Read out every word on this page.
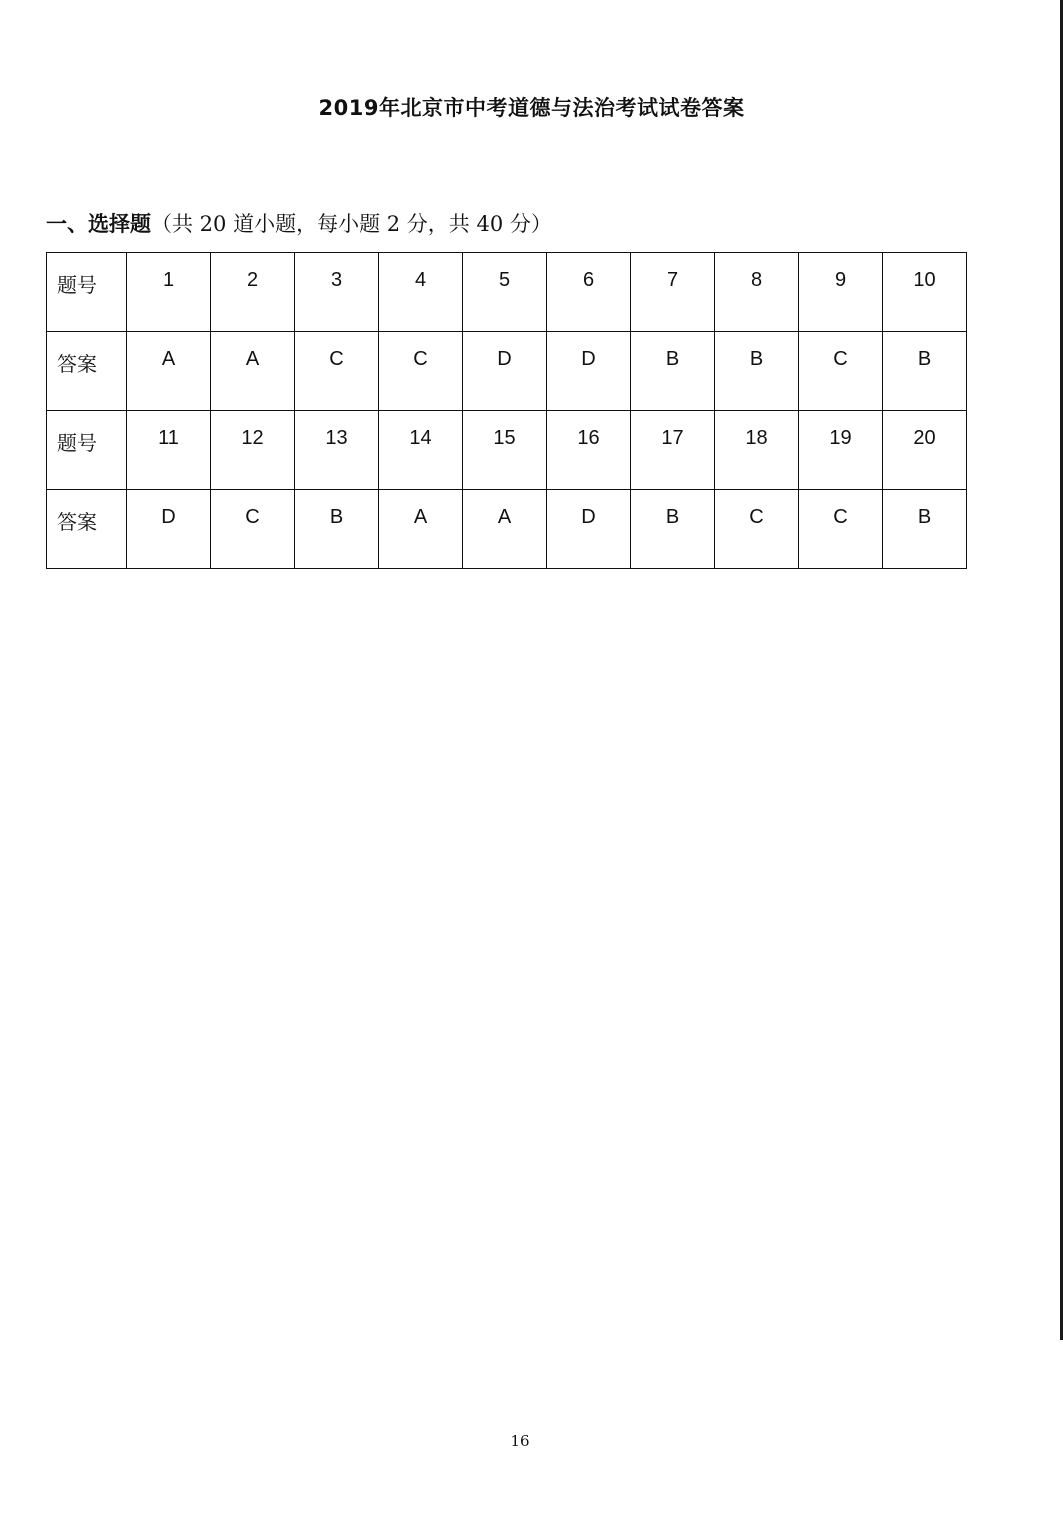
2019年北京市中考道德与法治考试试卷答案
一、选择题（共 20 道小题，每小题 2 分，共 40 分）
题号	1	2	3	4	5	6	7	8	9	10
答案	A	A	C	C	D	D	B	B	C	B
题号	11	12	13	14	15	16	17	18	19	20
答案	D	C	B	A	A	D	B	C	C	B
16
